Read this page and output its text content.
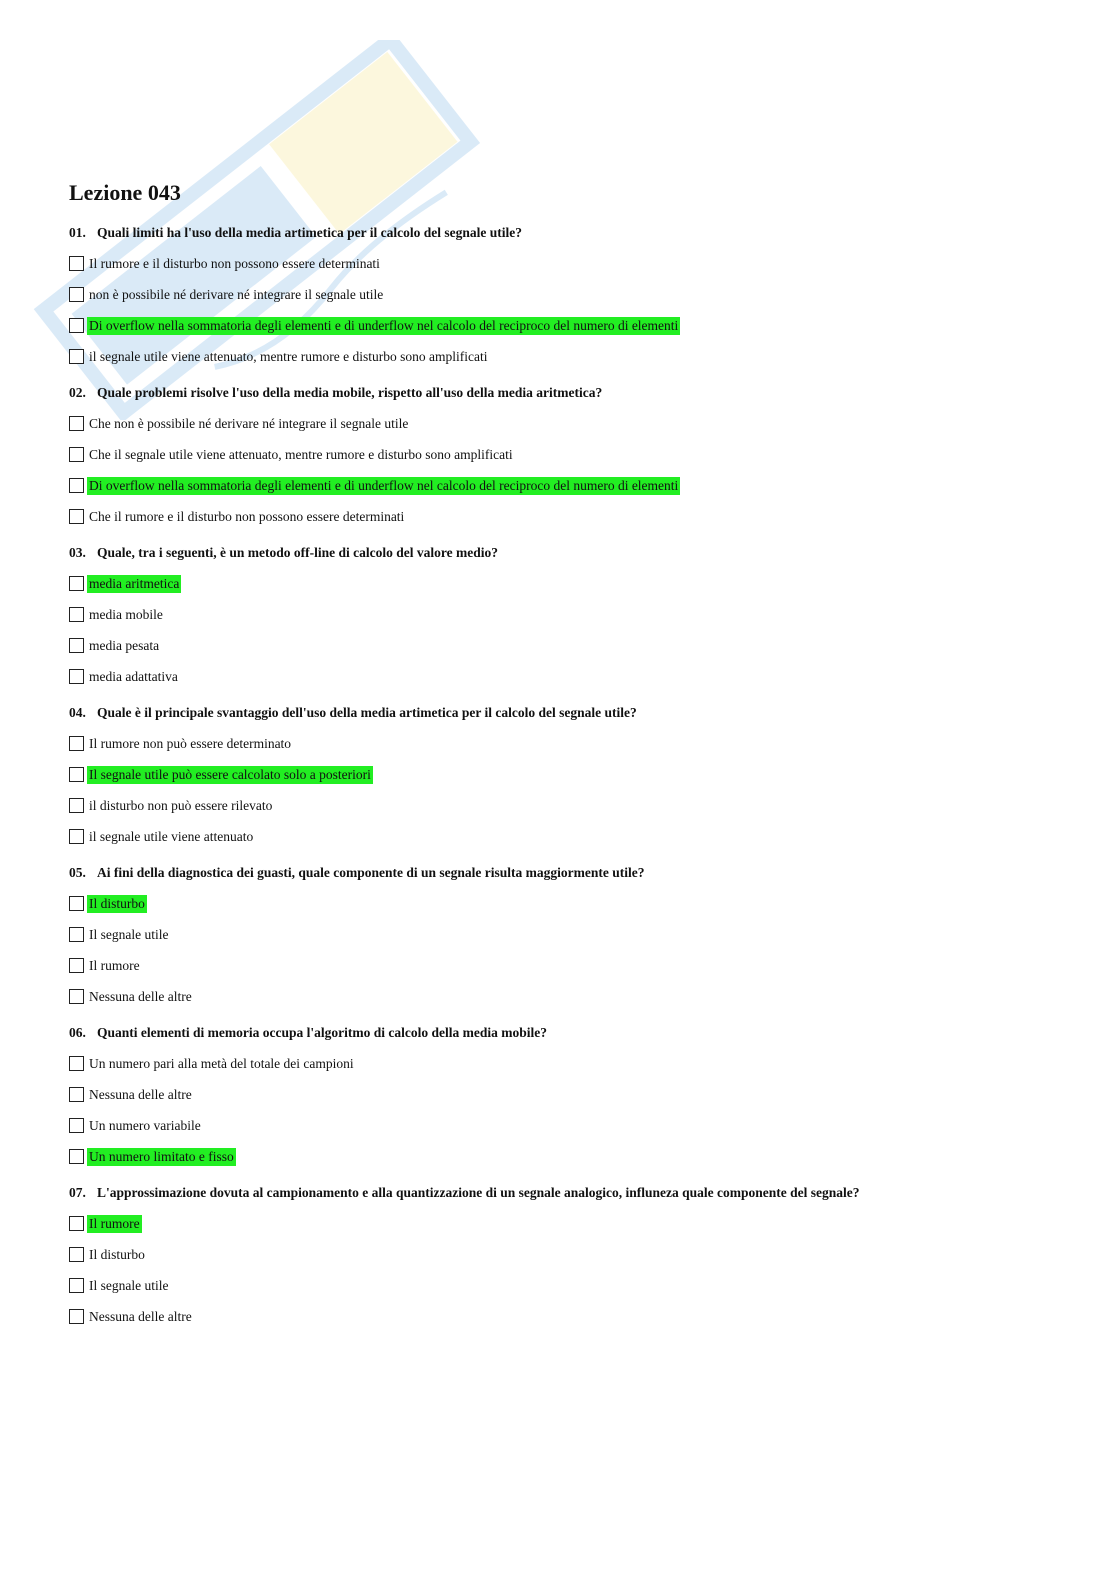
Lezione 043
01. Quali limiti ha l'uso della media artimetica per il calcolo del segnale utile?
Il rumore e il disturbo non possono essere determinati
non è possibile né derivare né integrare il segnale utile
Di overflow nella sommatoria degli elementi e di underflow nel calcolo del reciproco del numero di elementi
il segnale utile viene attenuato, mentre rumore e disturbo sono amplificati
02. Quale problemi risolve l'uso della media mobile, rispetto all'uso della media aritmetica?
Che non è possibile né derivare né integrare il segnale utile
Che il segnale utile viene attenuato, mentre rumore e disturbo sono amplificati
Di overflow nella sommatoria degli elementi e di underflow nel calcolo del reciproco del numero di elementi
Che il rumore e il disturbo non possono essere determinati
03. Quale, tra i seguenti, è un metodo off-line di calcolo del valore medio?
media aritmetica
media mobile
media pesata
media adattativa
04. Quale è il principale svantaggio dell'uso della media artimetica per il calcolo del segnale utile?
Il rumore non può essere determinato
Il segnale utile può essere calcolato solo a posteriori
il disturbo non può essere rilevato
il segnale utile viene attenuato
05. Ai fini della diagnostica dei guasti, quale componente di un segnale risulta maggiormente utile?
Il disturbo
Il segnale utile
Il rumore
Nessuna delle altre
06. Quanti elementi di memoria occupa l'algoritmo di calcolo della media mobile?
Un numero pari alla metà del totale dei campioni
Nessuna delle altre
Un numero variabile
Un numero limitato e fisso
07. L'approssimazione dovuta al campionamento e alla quantizzazione di un segnale analogico, influneza quale componente del segnale?
Il rumore
Il disturbo
Il segnale utile
Nessuna delle altre
